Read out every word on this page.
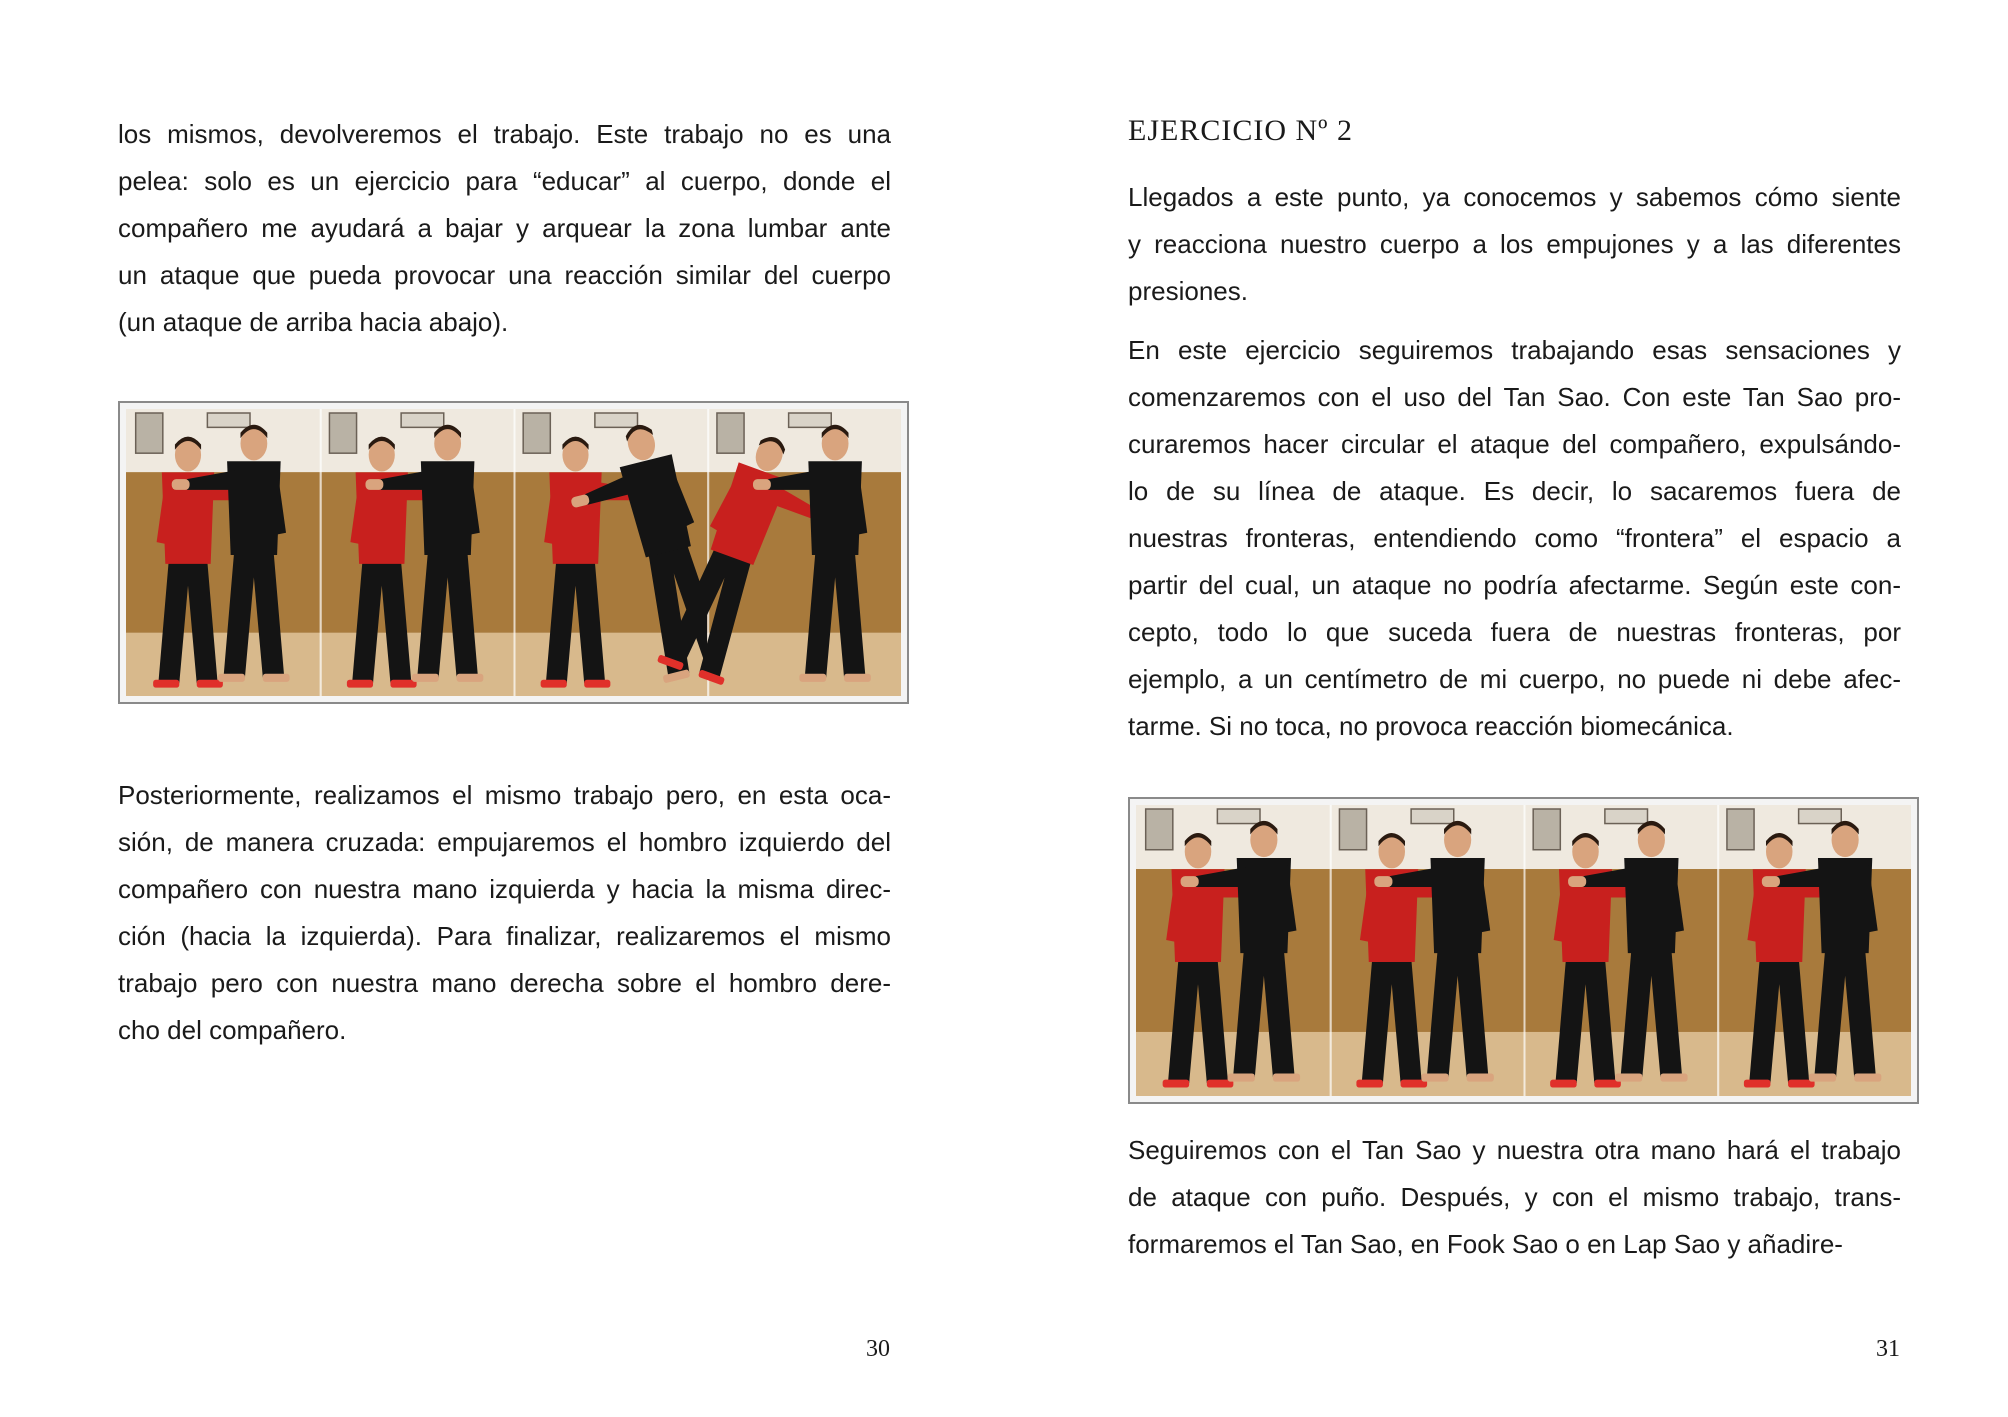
los mismos, devolveremos el trabajo. Este trabajo no es una
pelea: solo es un ejercicio para “educar” al cuerpo, donde el
compañero me ayudará a bajar y arquear la zona lumbar ante
un ataque que pueda provocar una reacción similar del cuerpo
(un ataque de arriba hacia abajo).
Posteriormente, realizamos el mismo trabajo pero, en esta oca-
sión, de manera cruzada: empujaremos el hombro izquierdo del
compañero con nuestra mano izquierda y hacia la misma direc-
ción (hacia la izquierda). Para finalizar, realizaremos el mismo
trabajo pero con nuestra mano derecha sobre el hombro dere-
cho del compañero.
30
EJERCICIO Nº 2
Llegados a este punto, ya conocemos y sabemos cómo siente
y reacciona nuestro cuerpo a los empujones y a las diferentes
presiones.
En este ejercicio seguiremos trabajando esas sensaciones y
comenzaremos con el uso del Tan Sao. Con este Tan Sao pro-
curaremos hacer circular el ataque del compañero, expulsándo-
lo de su línea de ataque. Es decir, lo sacaremos fuera de
nuestras fronteras, entendiendo como “frontera” el espacio a
partir del cual, un ataque no podría afectarme. Según este con-
cepto, todo lo que suceda fuera de nuestras fronteras, por
ejemplo, a un centímetro de mi cuerpo, no puede ni debe afec-
tarme. Si no toca, no provoca reacción biomecánica.
Seguiremos con el Tan Sao y nuestra otra mano hará el trabajo
de ataque con puño. Después, y con el mismo trabajo, trans-
formaremos el Tan Sao, en Fook Sao o en Lap Sao y añadire-
31
